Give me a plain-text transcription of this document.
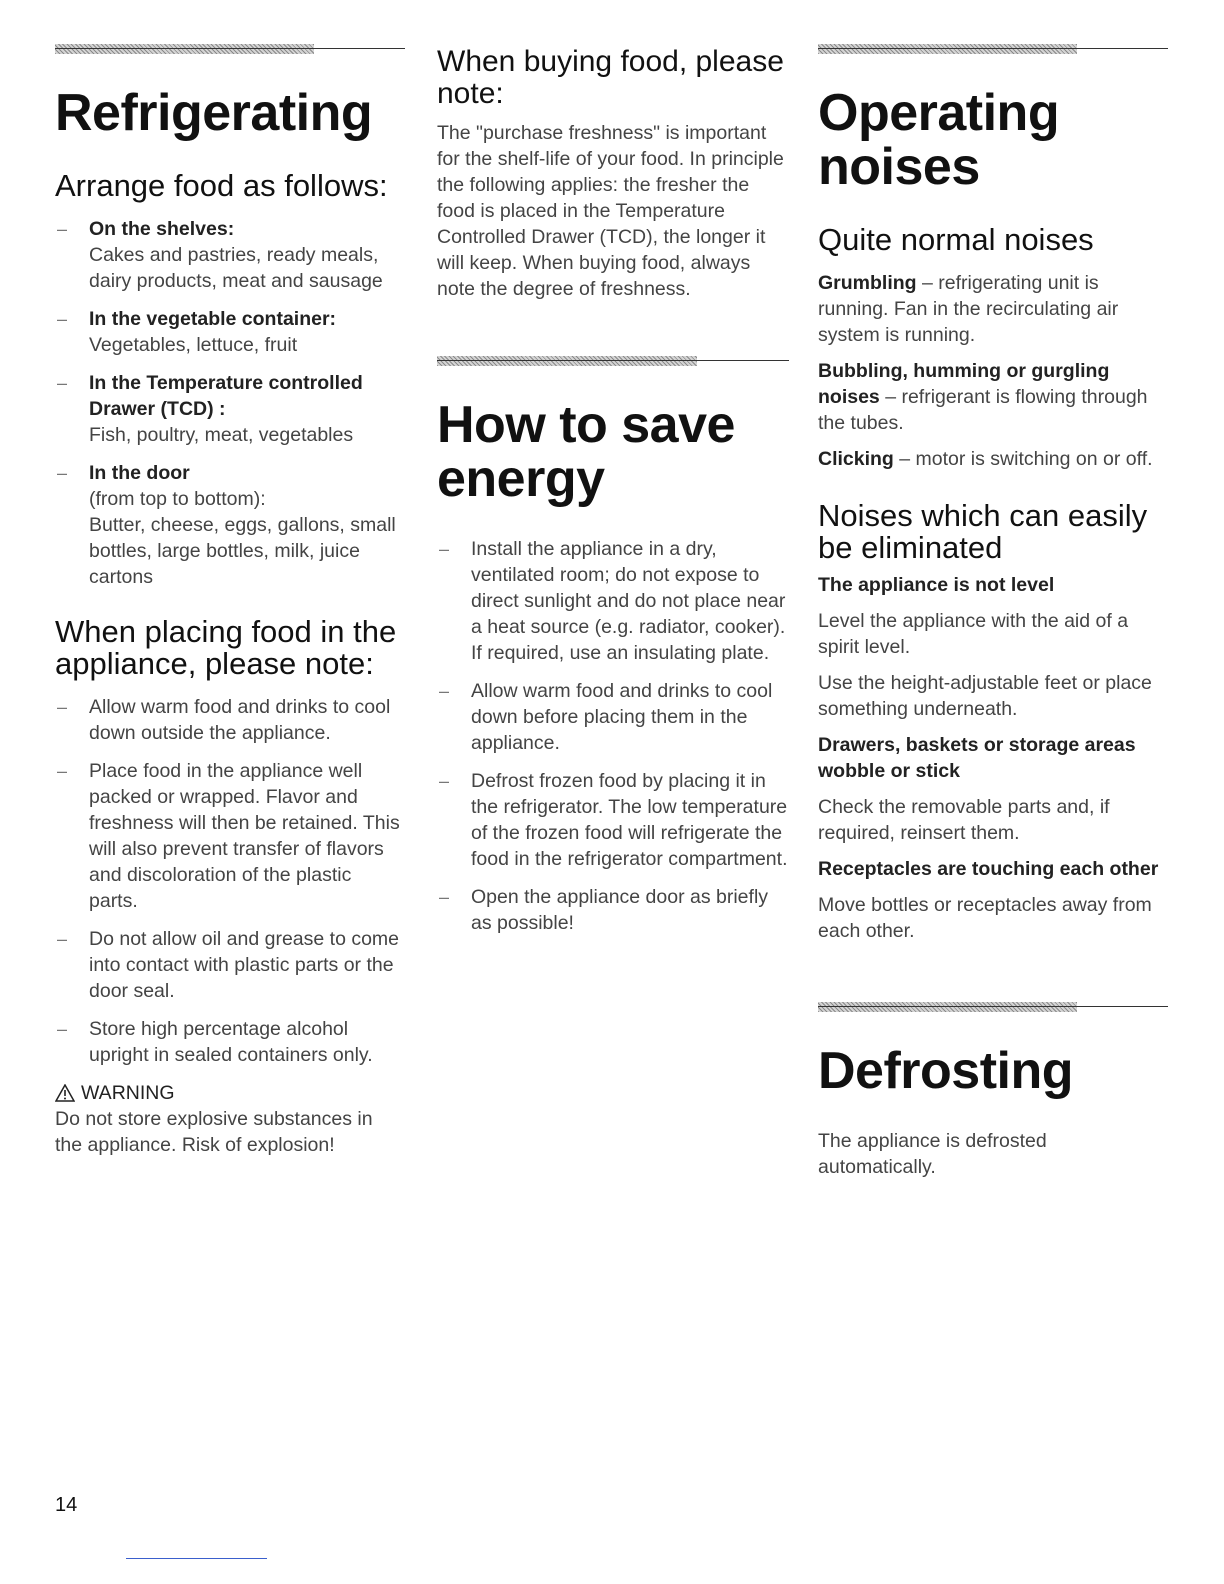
Refrigerating
Arrange food as follows:
– On the shelves:
Cakes and pastries, ready meals, dairy products, meat and sausage
– In the vegetable container:
Vegetables, lettuce, fruit
– In the Temperature controlled Drawer (TCD) :
Fish, poultry, meat, vegetables
– In the door
(from top to bottom):
Butter, cheese, eggs, gallons, small bottles, large bottles, milk, juice cartons
When placing food in the appliance, please note:
– Allow warm food and drinks to cool down outside the appliance.
– Place food in the appliance well packed or wrapped. Flavor and freshness will then be retained. This will also prevent transfer of flavors and discoloration of the plastic parts.
– Do not allow oil and grease to come into contact with plastic parts or the door seal.
– Store high percentage alcohol upright in sealed containers only.
WARNING
Do not store explosive substances in the appliance. Risk of explosion!
When buying food, please note:

The "purchase freshness" is important for the shelf-life of your food. In principle the following applies: the fresher the food is placed in the Temperature Controlled Drawer (TCD), the longer it will keep. When buying food, always note the degree of freshness.

How to save energy
– Install the appliance in a dry, ventilated room; do not expose to direct sunlight and do not place near a heat source (e.g. radiator, cooker). If required, use an insulating plate.
– Allow warm food and drinks to cool down before placing them in the appliance.
– Defrost frozen food by placing it in the refrigerator. The low temperature of the frozen food will refrigerate the food in the refrigerator compartment.
– Open the appliance door as briefly as possible!
Operating noises
Quite normal noises

Grumbling – refrigerating unit is running. Fan in the recirculating air system is running.

Bubbling, humming or gurgling noises – refrigerant is flowing through the tubes.

Clicking – motor is switching on or off.

Noises which can easily be eliminated
The appliance is not level

Level the appliance with the aid of a spirit level.

Use the height-adjustable feet or place something underneath.

Drawers, baskets or storage areas wobble or stick

Check the removable parts and, if required, reinsert them.

Receptacles are touching each other

Move bottles or receptacles away from each other.

Defrosting

The appliance is defrosted automatically.

14
